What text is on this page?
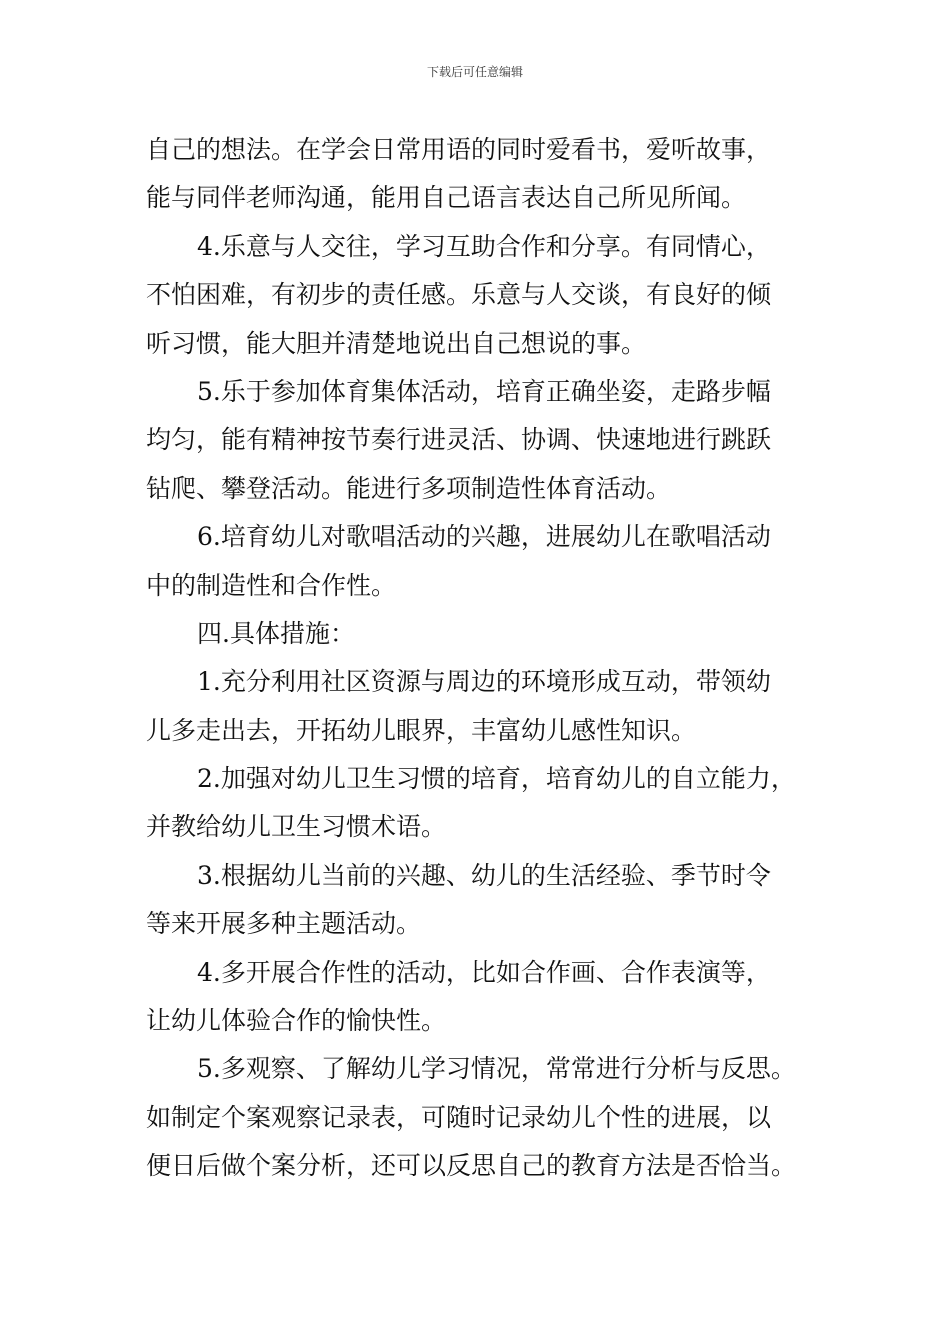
下载后可任意编辑
自己的想法。在学会日常用语的同时爱看书，爱听故事，
能与同伴老师沟通，能用自己语言表达自己所见所闻。
4.乐意与人交往，学习互助合作和分享。有同情心，
不怕困难，有初步的责任感。乐意与人交谈，有良好的倾
听习惯，能大胆并清楚地说出自己想说的事。
5.乐于参加体育集体活动，培育正确坐姿，走路步幅
均匀，能有精神按节奏行进灵活、协调、快速地进行跳跃
钻爬、攀登活动。能进行多项制造性体育活动。
6.培育幼儿对歌唱活动的兴趣，进展幼儿在歌唱活动
中的制造性和合作性。
四.具体措施：
1.充分利用社区资源与周边的环境形成互动，带领幼
儿多走出去，开拓幼儿眼界，丰富幼儿感性知识。
2.加强对幼儿卫生习惯的培育，培育幼儿的自立能力，
并教给幼儿卫生习惯术语。
3.根据幼儿当前的兴趣、幼儿的生活经验、季节时令
等来开展多种主题活动。
4.多开展合作性的活动，比如合作画、合作表演等，
让幼儿体验合作的愉快性。
5.多观察、了解幼儿学习情况，常常进行分析与反思。
如制定个案观察记录表，可随时记录幼儿个性的进展，以
便日后做个案分析，还可以反思自己的教育方法是否恰当。
